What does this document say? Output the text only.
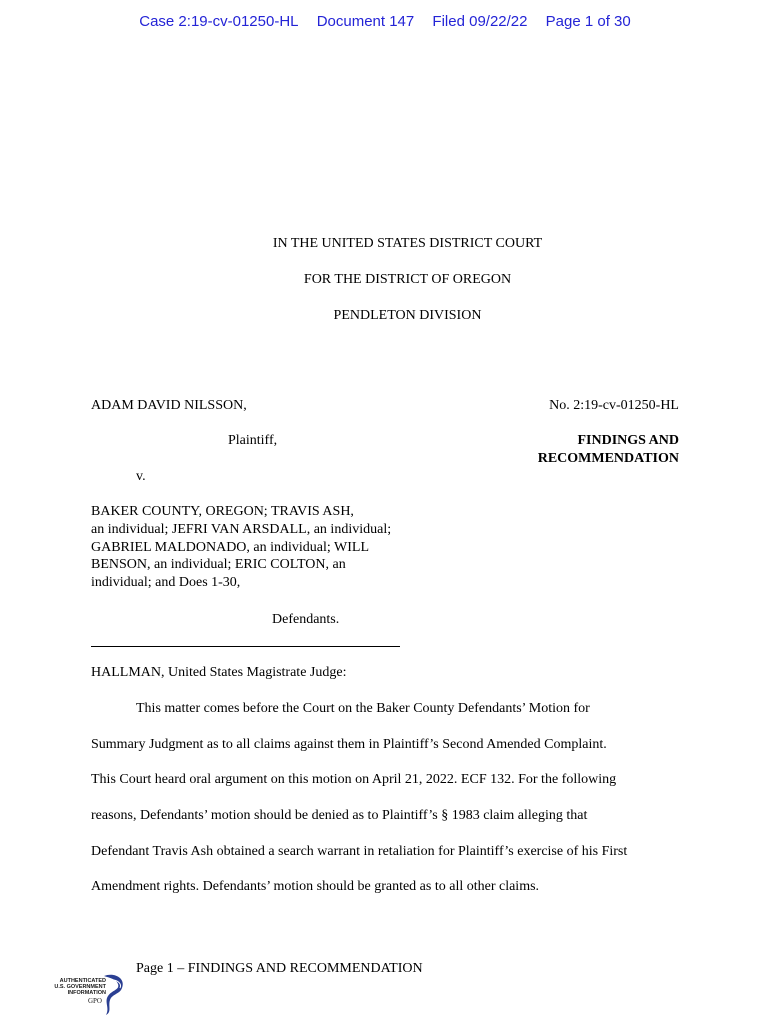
Case 2:19-cv-01250-HL Document 147 Filed 09/22/22 Page 1 of 30
IN THE UNITED STATES DISTRICT COURT
FOR THE DISTRICT OF OREGON
PENDLETON DIVISION
ADAM DAVID NILSSON,
Plaintiff,
v.
BAKER COUNTY, OREGON; TRAVIS ASH,
an individual; JEFRI VAN ARSDALL, an individual;
GABRIEL MALDONADO, an individual; WILL
BENSON, an individual; ERIC COLTON, an
individual; and Does 1-30,
Defendants.
No. 2:19-cv-01250-HL
FINDINGS AND
RECOMMENDATION
HALLMAN, United States Magistrate Judge:
This matter comes before the Court on the Baker County Defendants’ Motion for
Summary Judgment as to all claims against them in Plaintiff’s Second Amended Complaint.
This Court heard oral argument on this motion on April 21, 2022. ECF 132. For the following
reasons, Defendants’ motion should be denied as to Plaintiff’s § 1983 claim alleging that
Defendant Travis Ash obtained a search warrant in retaliation for Plaintiff’s exercise of his First
Amendment rights. Defendants’ motion should be granted as to all other claims.
Page 1 – FINDINGS AND RECOMMENDATION
AUTHENTICATED
U.S. GOVERNMENT
INFORMATION
GPO
